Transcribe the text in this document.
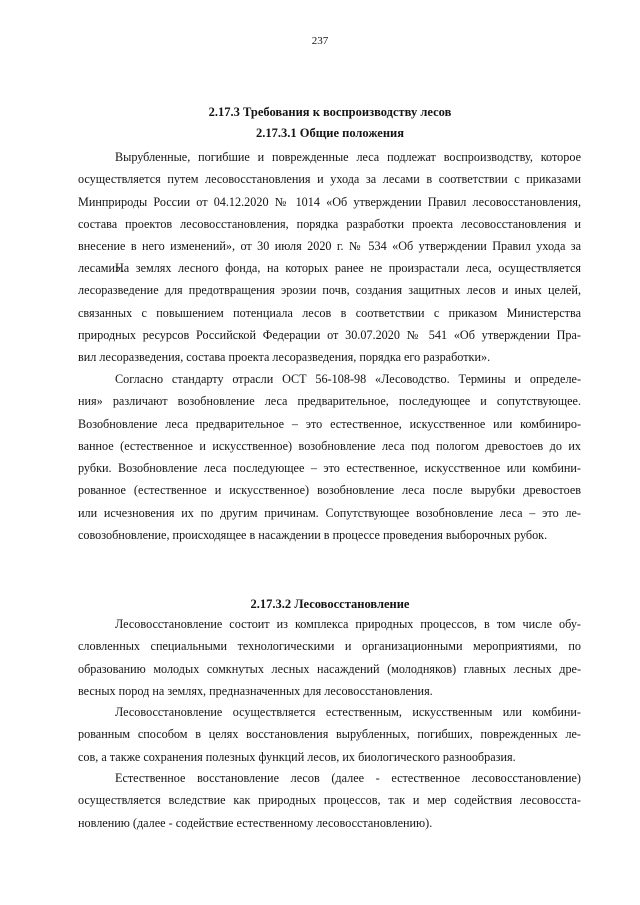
237
2.17.3 Требования к воспроизводству лесов
2.17.3.1 Общие положения
Вырубленные, погибшие и поврежденные леса подлежат воспроизводству, которое
осуществляется путем лесовосстановления и ухода за лесами в соответствии с приказами
Минприроды России от 04.12.2020 № 1014 «Об утверждении Правил лесовосстановления,
состава проектов лесовосстановления, порядка разработки проекта лесовосстановления и
внесение в него изменений», от 30 июля 2020 г. № 534 «Об утверждении Правил ухода за
лесами».
На землях лесного фонда, на которых ранее не произрастали леса, осуществляется
лесоразведение для предотвращения эрозии почв, создания защитных лесов и иных целей,
связанных с повышением потенциала лесов в соответствии с приказом Министерства
природных ресурсов Российской Федерации от 30.07.2020 № 541 «Об утверждении Пра-
вил лесоразведения, состава проекта лесоразведения, порядка его разработки».
Согласно стандарту отрасли ОСТ 56-108-98 «Лесоводство. Термины и определе-
ния» различают возобновление леса предварительное, последующее и сопутствующее.
Возобновление леса предварительное – это естественное, искусственное или комбиниро-
ванное (естественное и искусственное) возобновление леса под пологом древостоев до их
рубки. Возобновление леса последующее – это естественное, искусственное или комбини-
рованное (естественное и искусственное) возобновление леса после вырубки древостоев
или исчезновения их по другим причинам. Сопутствующее возобновление леса – это ле-
совозобновление, происходящее в насаждении в процессе проведения выборочных рубок.
2.17.3.2 Лесовосстановление
Лесовосстановление состоит из комплекса природных процессов, в том числе обу-
словленных специальными технологическими и организационными мероприятиями, по
образованию молодых сомкнутых лесных насаждений (молодняков) главных лесных дре-
весных пород на землях, предназначенных для лесовосстановления.
Лесовосстановление осуществляется естественным, искусственным или комбини-
рованным способом в целях восстановления вырубленных, погибших, поврежденных ле-
сов, а также сохранения полезных функций лесов, их биологического разнообразия.
Естественное восстановление лесов (далее - естественное лесовосстановление)
осуществляется вследствие как природных процессов, так и мер содействия лесовосста-
новлению (далее - содействие естественному лесовосстановлению).
